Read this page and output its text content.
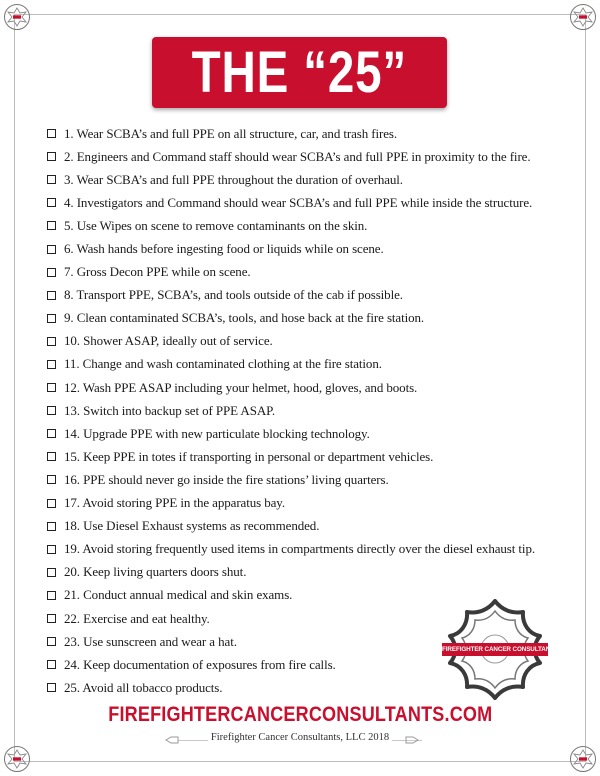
THE “25”
1. Wear SCBA’s and full PPE on all structure, car, and trash fires.
2. Engineers and Command staff should wear SCBA’s and full PPE in proximity to the fire.
3. Wear SCBA’s and full PPE throughout the duration of overhaul.
4. Investigators and Command should wear SCBA’s and full PPE while inside the structure.
5. Use Wipes on scene to remove contaminants on the skin.
6. Wash hands before ingesting food or liquids while on scene.
7. Gross Decon PPE while on scene.
8. Transport PPE, SCBA’s, and tools outside of the cab if possible.
9. Clean contaminated SCBA’s, tools, and hose back at the fire station.
10. Shower ASAP, ideally out of service.
11. Change and wash contaminated clothing at the fire station.
12. Wash PPE ASAP including your helmet, hood, gloves, and boots.
13. Switch into backup set of PPE ASAP.
14. Upgrade PPE with new particulate blocking technology.
15. Keep PPE in totes if transporting in personal or department vehicles.
16. PPE should never go inside the fire stations’ living quarters.
17. Avoid storing PPE in the apparatus bay.
18. Use Diesel Exhaust systems as recommended.
19. Avoid storing frequently used items in compartments directly over the diesel exhaust tip.
20. Keep living quarters doors shut.
21. Conduct annual medical and skin exams.
22. Exercise and eat healthy.
23. Use sunscreen and wear a hat.
24. Keep documentation of exposures from fire calls.
25. Avoid all tobacco products.
FIREFIGHTER CANCER CONSULTANTS
FIREFIGHTERCANCERCONSULTANTS.COM
Firefighter Cancer Consultants, LLC 2018
